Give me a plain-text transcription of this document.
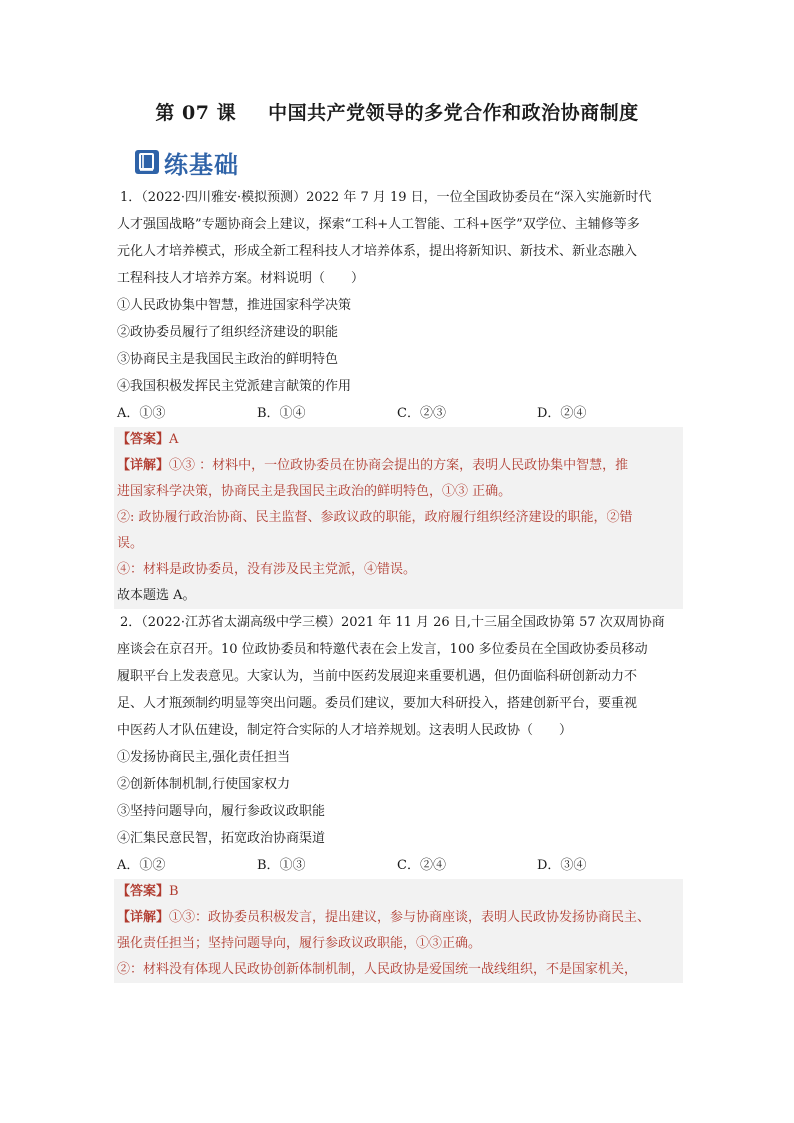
第 07 课 中国共产党领导的多党合作和政治协商制度
练基础
1．（2022·四川雅安·模拟预测）2022 年 7 月 19 日，一位全国政协委员在“深入实施新时代
人才强国战略”专题协商会上建议，探索“工科+人工智能、工科+医学”双学位、主辅修等多
元化人才培养模式，形成全新工程科技人才培养体系，提出将新知识、新技术、新业态融入
工程科技人才培养方案。材料说明（　　）
①人民政协集中智慧，推进国家科学决策
②政协委员履行了组织经济建设的职能
③协商民主是我国民主政治的鲜明特色
④我国积极发挥民主党派建言献策的作用
A．①③	B．①④	C．②③	D．②④
【答案】A
【详解】①③ ：材料中，一位政协委员在协商会提出的方案，表明人民政协集中智慧，推
进国家科学决策，协商民主是我国民主政治的鲜明特色，①③ 正确。
②: 政协履行政治协商、民主监督、参政议政的职能，政府履行组织经济建设的职能，②错
误。
④：材料是政协委员，没有涉及民主党派，④错误。
故本题选 A。
2．（2022·江苏省太湖高级中学三模）2021 年 11 月 26 日,十三届全国政协第 57 次双周协商
座谈会在京召开。10 位政协委员和特邀代表在会上发言，100 多位委员在全国政协委员移动
履职平台上发表意见。大家认为，当前中医药发展迎来重要机遇，但仍面临科研创新动力不
足、人才瓶颈制约明显等突出问题。委员们建议，要加大科研投入，搭建创新平台，要重视
中医药人才队伍建设，制定符合实际的人才培养规划。这表明人民政协（　　）
①发扬协商民主,强化责任担当
②创新体制机制,行使国家权力
③坚持问题导向，履行参政议政职能
④汇集民意民智，拓宽政治协商渠道
A．①②	B．①③	C．②④	D．③④
【答案】B
【详解】①③：政协委员积极发言，提出建议，参与协商座谈，表明人民政协发扬协商民主、
强化责任担当；坚持问题导向，履行参政议政职能，①③正确。
②：材料没有体现人民政协创新体制机制，人民政协是爱国统一战线组织，不是国家机关，
